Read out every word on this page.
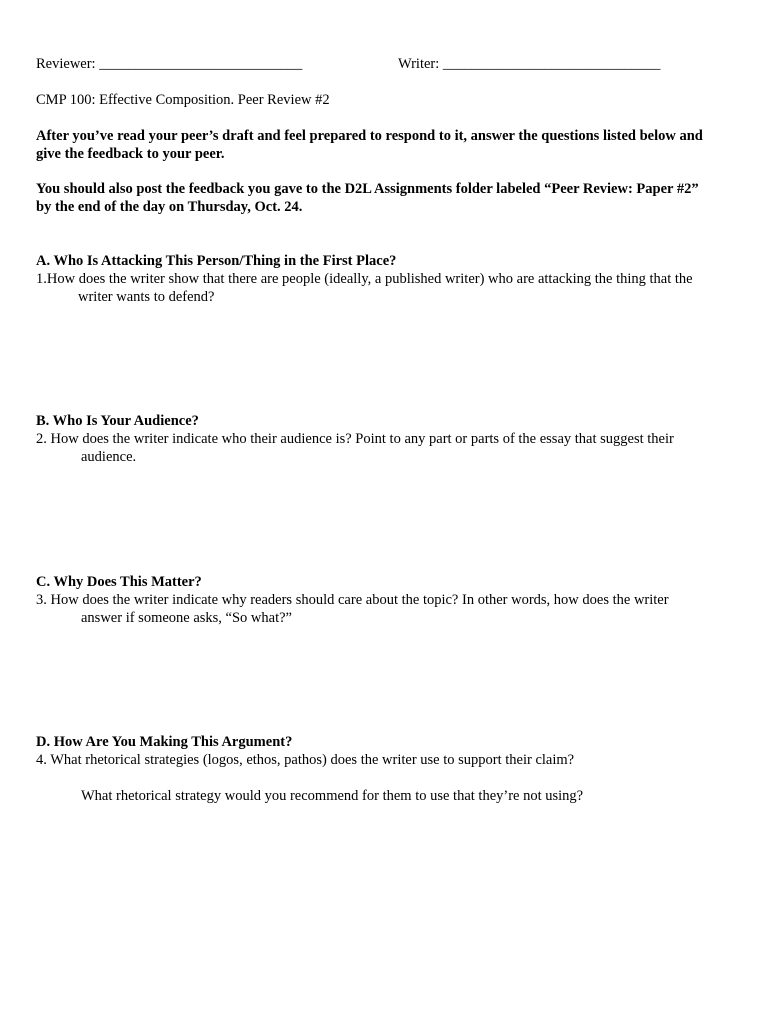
Reviewer: ____________________________	Writer: ______________________________
CMP 100: Effective Composition. Peer Review #2
After you’ve read your peer’s draft and feel prepared to respond to it, answer the questions listed below and
give the feedback to your peer.
You should also post the feedback you gave to the D2L Assignments folder labeled “Peer Review: Paper #2”
by the end of the day on Thursday, Oct. 24.
A. Who Is Attacking This Person/Thing in the First Place?
1.How does the writer show that there are people (ideally, a published writer) who are attacking the thing that the
writer wants to defend?
B. Who Is Your Audience?
2. How does the writer indicate who their audience is? Point to any part or parts of the essay that suggest their
audience.
C. Why Does This Matter?
3. How does the writer indicate why readers should care about the topic? In other words, how does the writer
answer if someone asks, “So what?”
D. How Are You Making This Argument?
4. What rhetorical strategies (logos, ethos, pathos) does the writer use to support their claim?
What rhetorical strategy would you recommend for them to use that they’re not using?
